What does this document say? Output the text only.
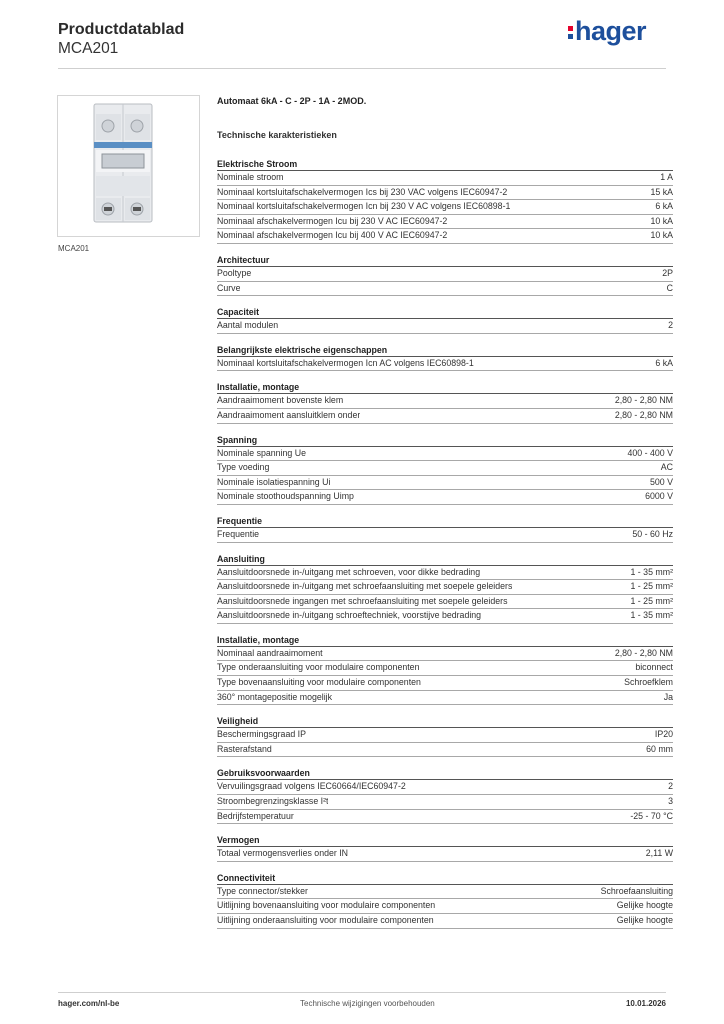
Productdatablad
MCA201
hager
MCA201
Automaat 6kA - C - 2P - 1A - 2MOD.
Technische karakteristieken
Elektrische Stroom
Nominale stroom	1 A
Nominaal kortsluitafschakelvermogen Ics bij 230 VAC volgens IEC60947-2	15 kA
Nominaal kortsluitafschakelvermogen Icn bij 230 V AC volgens IEC60898-1	6 kA
Nominaal afschakelvermogen Icu bij 230 V AC IEC60947-2	10 kA
Nominaal afschakelvermogen Icu bij 400 V AC IEC60947-2	10 kA
Architectuur
Pooltype	2P
Curve	C
Capaciteit
Aantal modulen	2
Belangrijkste elektrische eigenschappen
Nominaal kortsluitafschakelvermogen Icn AC volgens IEC60898-1	6 kA
Installatie, montage
Aandraaimoment bovenste klem	2,80 - 2,80 NM
Aandraaimoment aansluitklem onder	2,80 - 2,80 NM
Spanning
Nominale spanning Ue	400 - 400 V
Type voeding	AC
Nominale isolatiespanning Ui	500 V
Nominale stoothoudspanning Uimp	6000 V
Frequentie
Frequentie	50 - 60 Hz
Aansluiting
Aansluitdoorsnede in-/uitgang met schroeven, voor dikke bedrading	1 - 35 mm²
Aansluitdoorsnede in-/uitgang met schroefaansluiting met soepele geleiders	1 - 25 mm²
Aansluitdoorsnede ingangen met schroefaansluiting met soepele geleiders	1 - 25 mm²
Aansluitdoorsnede in-/uitgang schroeftechniek, voorstijve bedrading	1 - 35 mm²
Installatie, montage
Nominaal aandraaimoment	2,80 - 2,80 NM
Type onderaansluiting voor modulaire componenten	biconnect
Type bovenaansluiting voor modulaire componenten	Schroefklem
360° montagepositie mogelijk	Ja
Veiligheid
Beschermingsgraad IP	IP20
Rasterafstand	60 mm
Gebruiksvoorwaarden
Vervuilingsgraad volgens IEC60664/IEC60947-2	2
Stroombegrenzingsklasse I²t	3
Bedrijfstemperatuur	-25 - 70 °C
Vermogen
Totaal vermogensverlies onder IN	2,11 W
Connectiviteit
Type connector/stekker	Schroefaansluiting
Uitlijning bovenaansluiting voor modulaire componenten	Gelijke hoogte
Uitlijning onderaansluiting voor modulaire componenten	Gelijke hoogte
hager.com/nl-be	Technische wijzigingen voorbehouden	10.01.2026
